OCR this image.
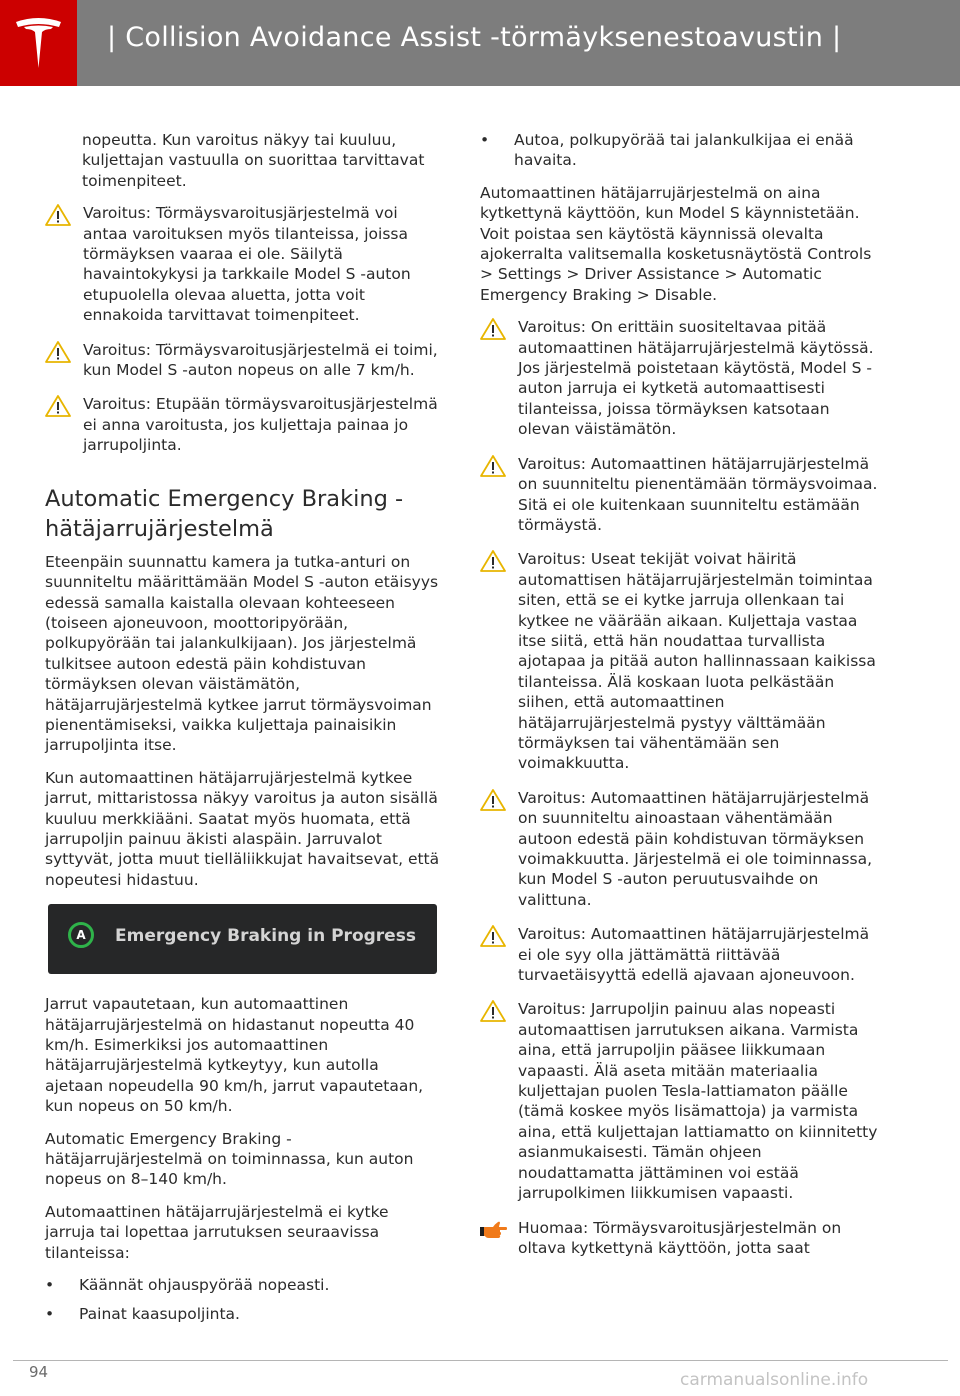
| Collision Avoidance Assist -törmäyksenestoavustin |

nopeutta. Kun varoitus näkyy tai kuuluu, kuljettajan vastuulla on suorittaa tarvittavat toimenpiteet.

Varoitus: Törmäysvaroitusjärjestelmä voi antaa varoituksen myös tilanteissa, joissa törmäyksen vaaraa ei ole. Säilytä havaintokykysi ja tarkkaile Model S -auton etupuolella olevaa aluetta, jotta voit ennakoida tarvittavat toimenpiteet.
Varoitus: Törmäysvaroitusjärjestelmä ei toimi, kun Model S -auton nopeus on alle 7 km/h.
Varoitus: Etupään törmäysvaroitusjärjestelmä ei anna varoitusta, jos kuljettaja painaa jo jarrupoljinta.
Automatic Emergency Braking - hätäjarrujärjestelmä

Eteenpäin suunnattu kamera ja tutka-anturi on suunniteltu määrittämään Model S -auton etäisyys edessä samalla kaistalla olevaan kohteeseen (toiseen ajoneuvoon, moottoripyörään, polkupyörään tai jalankulkijaan). Jos järjestelmä tulkitsee autoon edestä päin kohdistuvan törmäyksen olevan väistämätön, hätäjarrujärjestelmä kytkee jarrut törmäysvoiman pienentämiseksi, vaikka kuljettaja painaisikin jarrupoljinta itse.

Kun automaattinen hätäjarrujärjestelmä kytkee jarrut, mittaristossa näkyy varoitus ja auton sisällä kuuluu merkkiääni. Saatat myös huomata, että jarrupoljin painuu äkisti alaspäin. Jarruvalot syttyvät, jotta muut tielläliikkujat havaitsevat, että nopeutesi hidastuu.

A	Emergency Braking in Progress

Jarrut vapautetaan, kun automaattinen hätäjarrujärjestelmä on hidastanut nopeutta 40 km/h. Esimerkiksi jos automaattinen hätäjarrujärjestelmä kytkeytyy, kun autolla ajetaan nopeudella 90 km/h, jarrut vapautetaan, kun nopeus on 50 km/h.

Automatic Emergency Braking - hätäjarrujärjestelmä on toiminnassa, kun auton nopeus on 8–140 km/h.

Automaattinen hätäjarrujärjestelmä ei kytke jarruja tai lopettaa jarrutuksen seuraavissa tilanteissa:

• Käännät ohjauspyörää nopeasti.
• Painat kaasupoljinta.
• Autoa, polkupyörää tai jalankulkijaa ei enää havaita.

Automaattinen hätäjarrujärjestelmä on aina kytkettynä käyttöön, kun Model S käynnistetään. Voit poistaa sen käytöstä käynnissä olevalta ajokerralta valitsemalla kosketusnäytöstä Controls > Settings > Driver Assistance > Automatic Emergency Braking > Disable.

Varoitus: On erittäin suositeltavaa pitää automaattinen hätäjarrujärjestelmä käytössä. Jos järjestelmä poistetaan käytöstä, Model S -auton jarruja ei kytketä automaattisesti tilanteissa, joissa törmäyksen katsotaan olevan väistämätön.
Varoitus: Automaattinen hätäjarrujärjestelmä on suunniteltu pienentämään törmäysvoimaa. Sitä ei ole kuitenkaan suunniteltu estämään törmäystä.
Varoitus: Useat tekijät voivat häiritä automattisen hätäjarrujärjestelmän toimintaa siten, että se ei kytke jarruja ollenkaan tai kytkee ne väärään aikaan. Kuljettaja vastaa itse siitä, että hän noudattaa turvallista ajotapaa ja pitää auton hallinnassaan kaikissa tilanteissa. Älä koskaan luota pelkästään siihen, että automaattinen hätäjarrujärjestelmä pystyy välttämään törmäyksen tai vähentämään sen voimakkuutta.
Varoitus: Automaattinen hätäjarrujärjestelmä on suunniteltu ainoastaan vähentämään autoon edestä päin kohdistuvan törmäyksen voimakkuutta. Järjestelmä ei ole toiminnassa, kun Model S -auton peruutusvaihde on valittuna.
Varoitus: Automaattinen hätäjarrujärjestelmä ei ole syy olla jättämättä riittävää turvaetäisyyttä edellä ajavaan ajoneuvoon.
Varoitus: Jarrupoljin painuu alas nopeasti automaattisen jarrutuksen aikana. Varmista aina, että jarrupoljin pääsee liikkumaan vapaasti. Älä aseta mitään materiaalia kuljettajan puolen Tesla-lattiamaton päälle (tämä koskee myös lisämattoja) ja varmista aina, että kuljettajan lattiamatto on kiinnitetty asianmukaisesti. Tämän ohjeen noudattamatta jättäminen voi estää jarrupolkimen liikkumisen vapaasti.
Huomaa: Törmäysvaroitusjärjestelmän on oltava kytkettynä käyttöön, jotta saat
94	carmanualsonline.info
